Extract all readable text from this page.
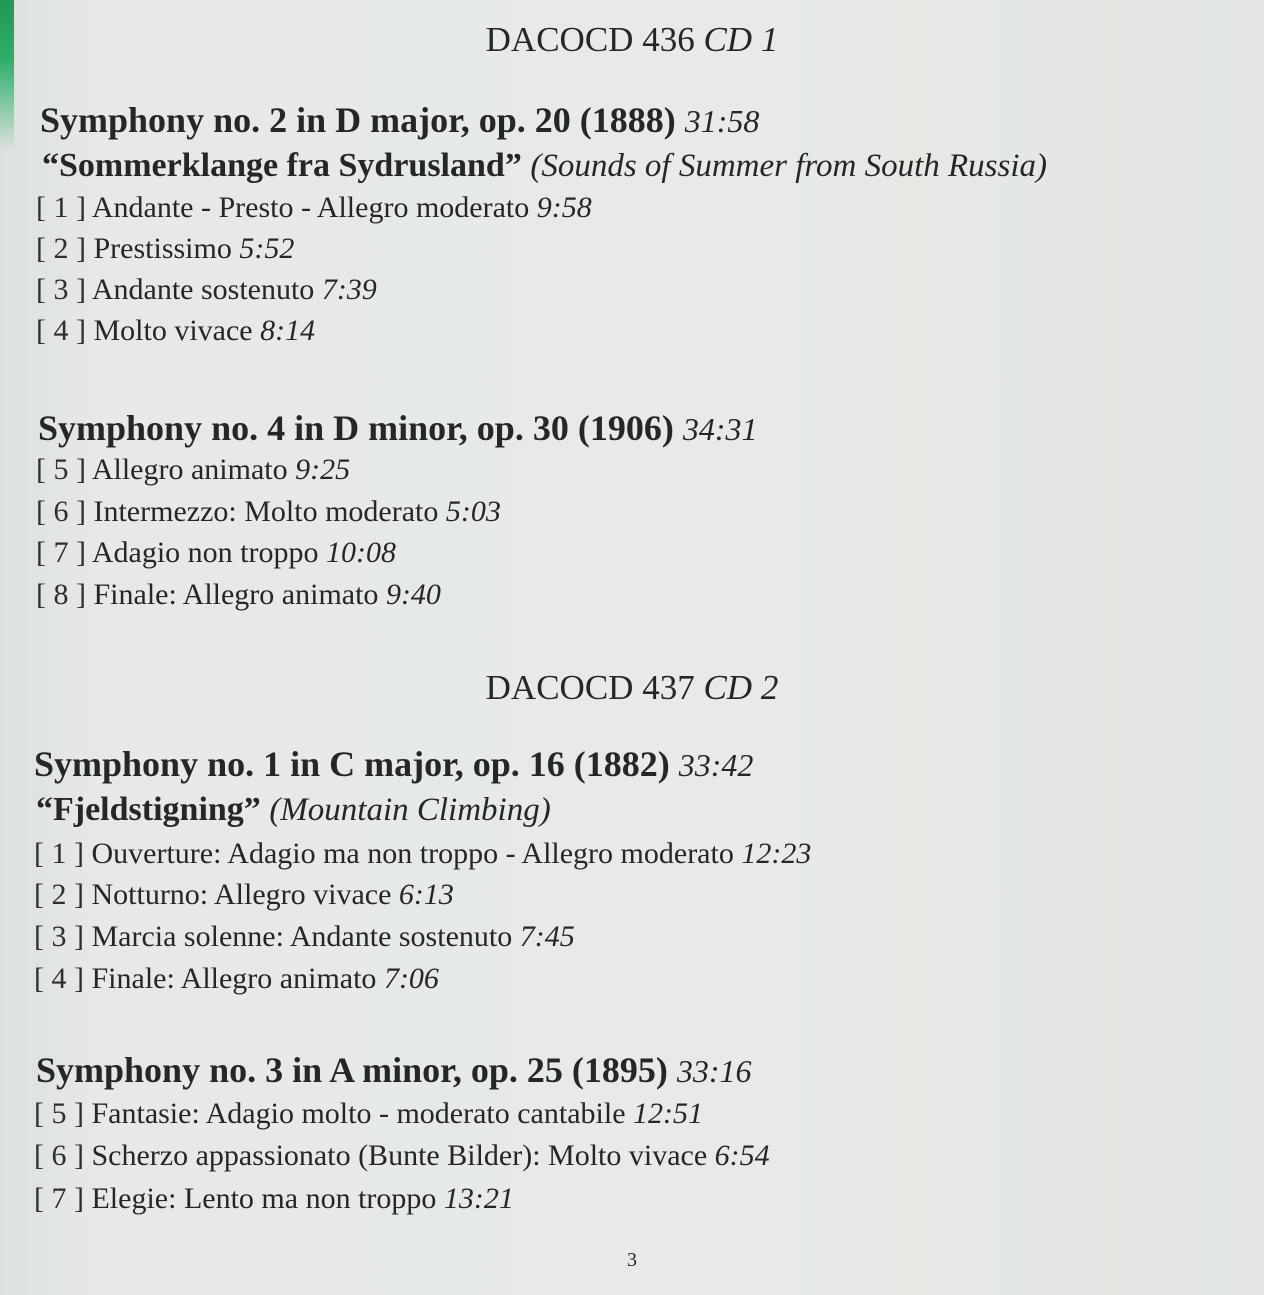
DACOCD 436 CD 1
Symphony no. 2 in D major, op. 20 (1888) 31:58
“Sommerklange fra Sydrusland” (Sounds of Summer from South Russia)
[ 1 ] Andante - Presto - Allegro moderato 9:58
[ 2 ] Prestissimo 5:52
[ 3 ] Andante sostenuto 7:39
[ 4 ] Molto vivace 8:14
Symphony no. 4 in D minor, op. 30 (1906) 34:31
[ 5 ] Allegro animato 9:25
[ 6 ] Intermezzo: Molto moderato 5:03
[ 7 ] Adagio non troppo 10:08
[ 8 ] Finale: Allegro animato 9:40
DACOCD 437 CD 2
Symphony no. 1 in C major, op. 16 (1882) 33:42
“Fjeldstigning” (Mountain Climbing)
[ 1 ] Ouverture: Adagio ma non troppo - Allegro moderato 12:23
[ 2 ] Notturno: Allegro vivace 6:13
[ 3 ] Marcia solenne: Andante sostenuto 7:45
[ 4 ] Finale: Allegro animato 7:06
Symphony no. 3 in A minor, op. 25 (1895) 33:16
[ 5 ] Fantasie: Adagio molto - moderato cantabile 12:51
[ 6 ] Scherzo appassionato (Bunte Bilder): Molto vivace 6:54
[ 7 ] Elegie: Lento ma non troppo 13:21
3
